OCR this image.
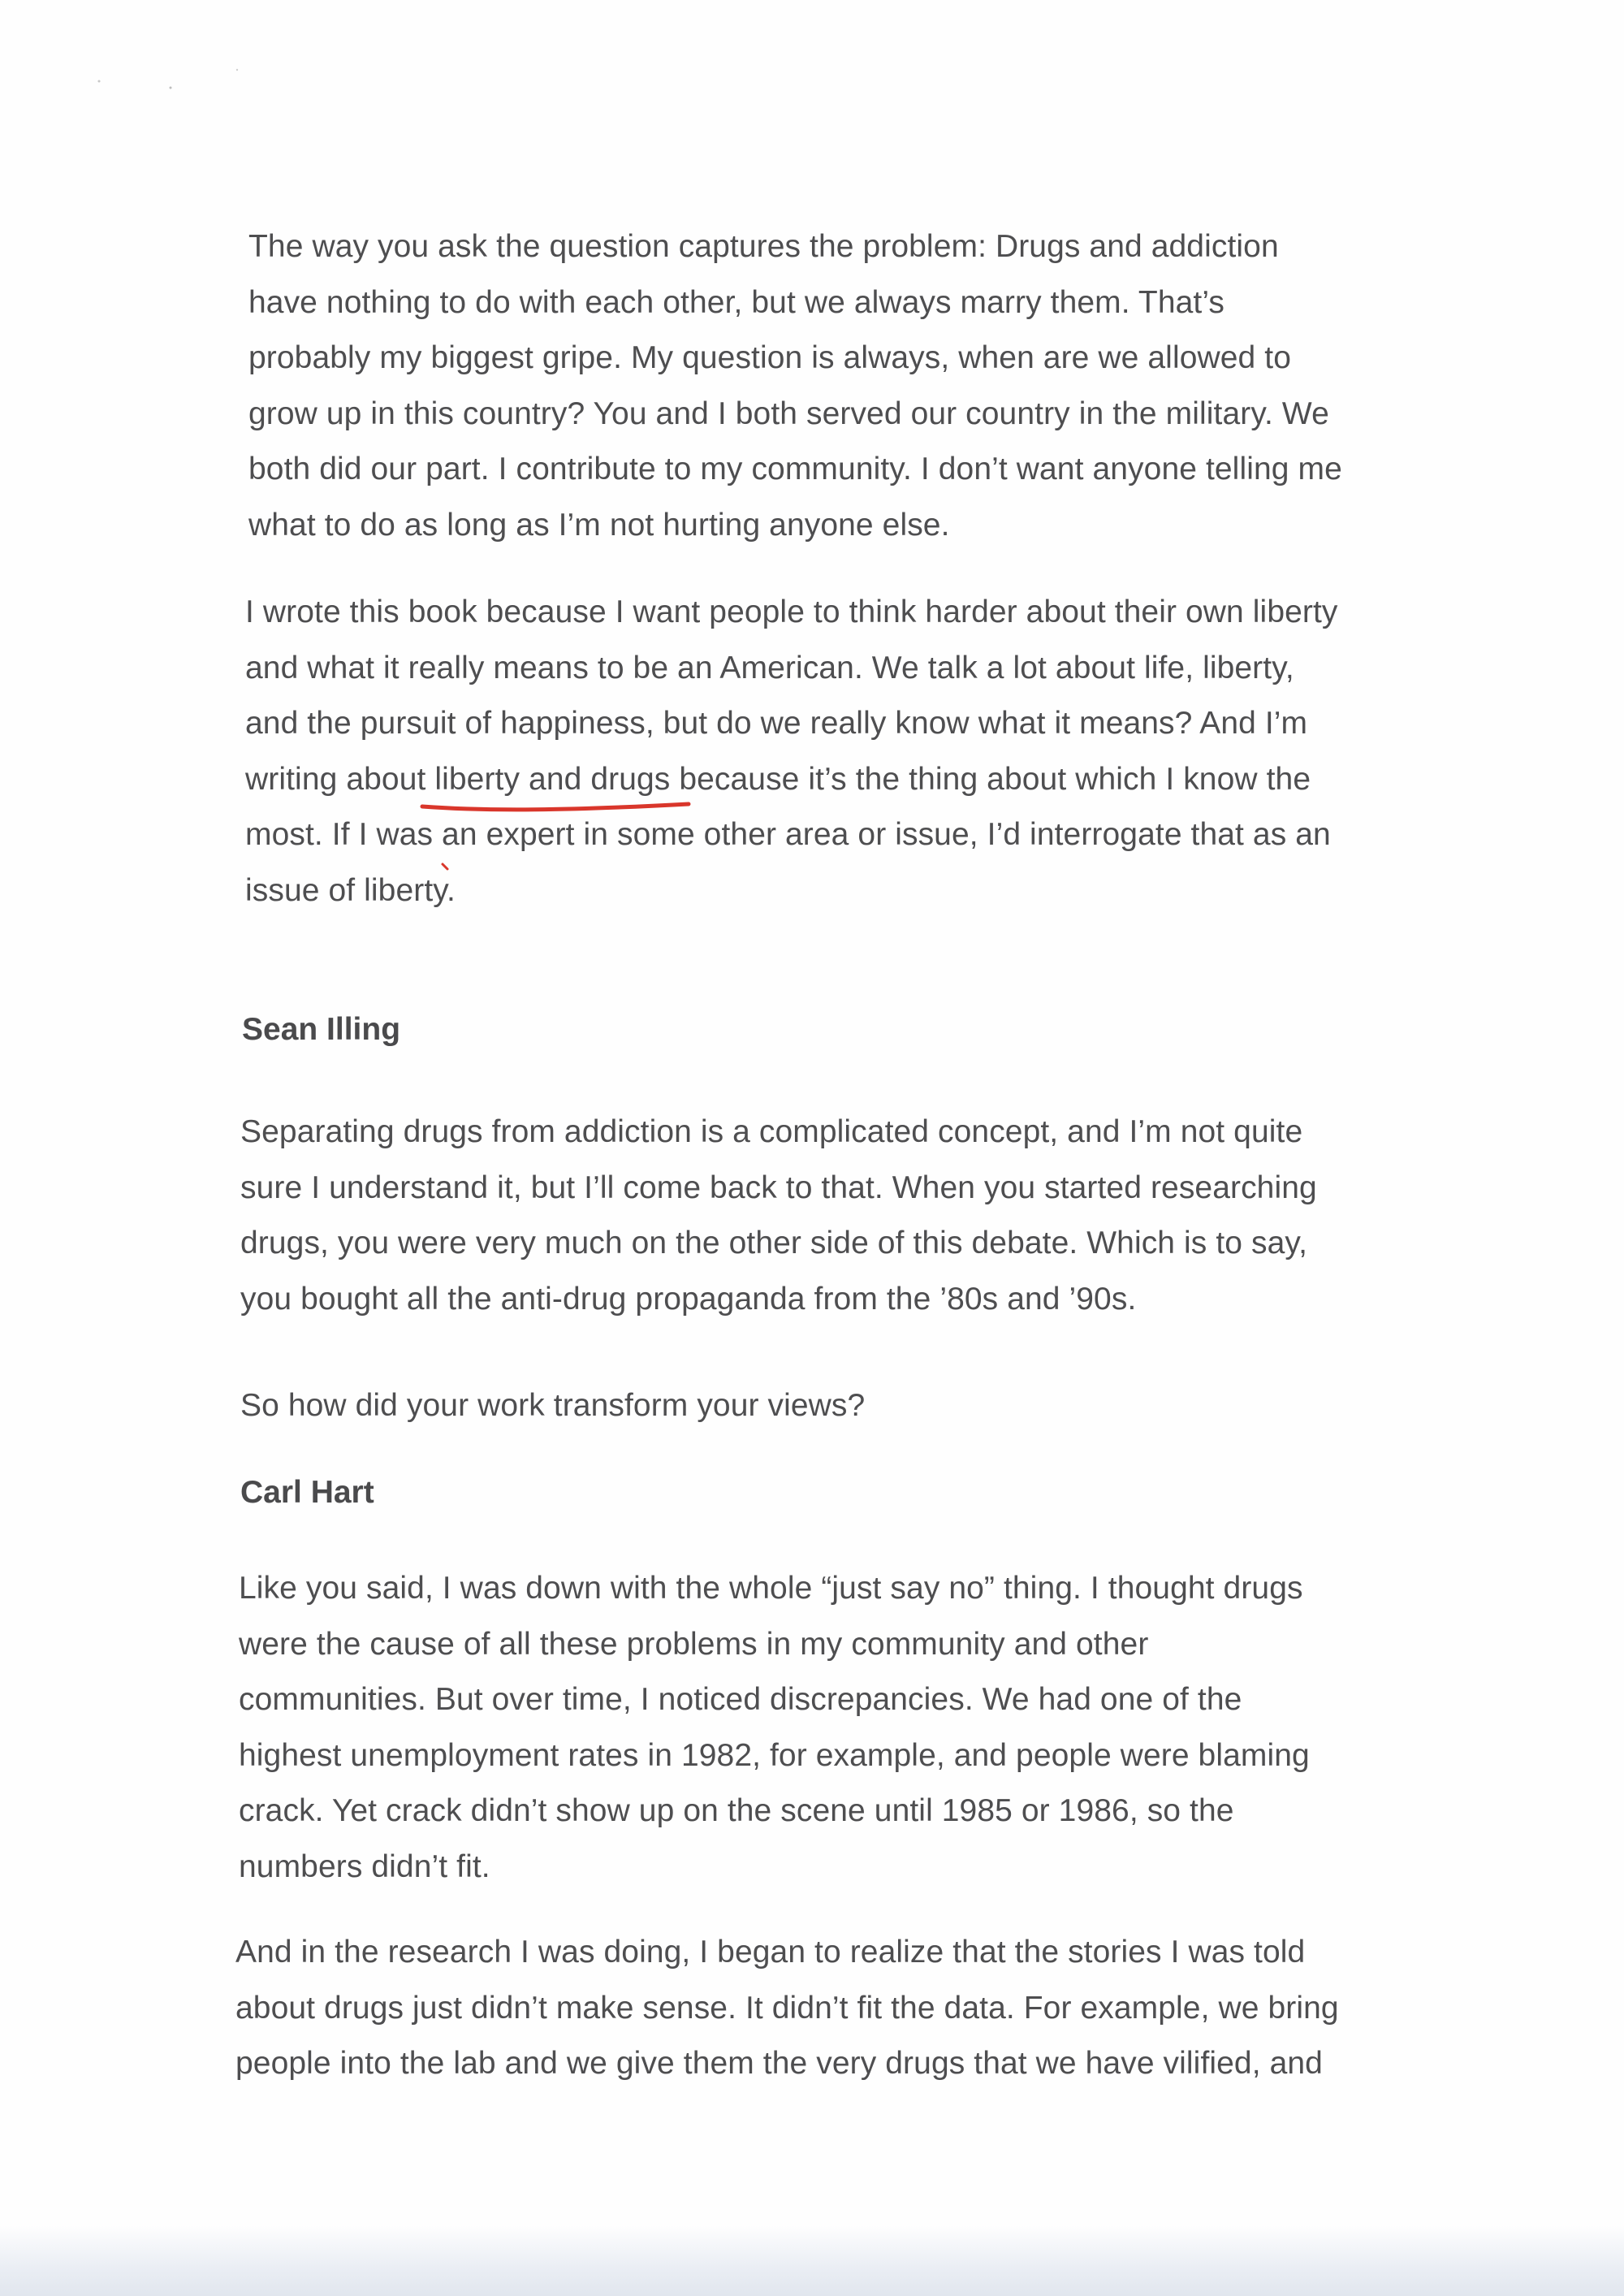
The way you ask the question captures the problem: Drugs and addiction
have nothing to do with each other, but we always marry them. That’s
probably my biggest gripe. My question is always, when are we allowed to
grow up in this country? You and I both served our country in the military. We
both did our part. I contribute to my community. I don’t want anyone telling me
what to do as long as I’m not hurting anyone else.
I wrote this book because I want people to think harder about their own liberty
and what it really means to be an American. We talk a lot about life, liberty,
and the pursuit of happiness, but do we really know what it means? And I’m
writing about liberty and drugs because it’s the thing about which I know the
most. If I was an expert in some other area or issue, I’d interrogate that as an
issue of liberty.
Sean Illing
Separating drugs from addiction is a complicated concept, and I’m not quite
sure I understand it, but I’ll come back to that. When you started researching
drugs, you were very much on the other side of this debate. Which is to say,
you bought all the anti-drug propaganda from the ’80s and ’90s.
So how did your work transform your views?
Carl Hart
Like you said, I was down with the whole “just say no” thing. I thought drugs
were the cause of all these problems in my community and other
communities. But over time, I noticed discrepancies. We had one of the
highest unemployment rates in 1982, for example, and people were blaming
crack. Yet crack didn’t show up on the scene until 1985 or 1986, so the
numbers didn’t fit.
And in the research I was doing, I began to realize that the stories I was told
about drugs just didn’t make sense. It didn’t fit the data. For example, we bring
people into the lab and we give them the very drugs that we have vilified, and
